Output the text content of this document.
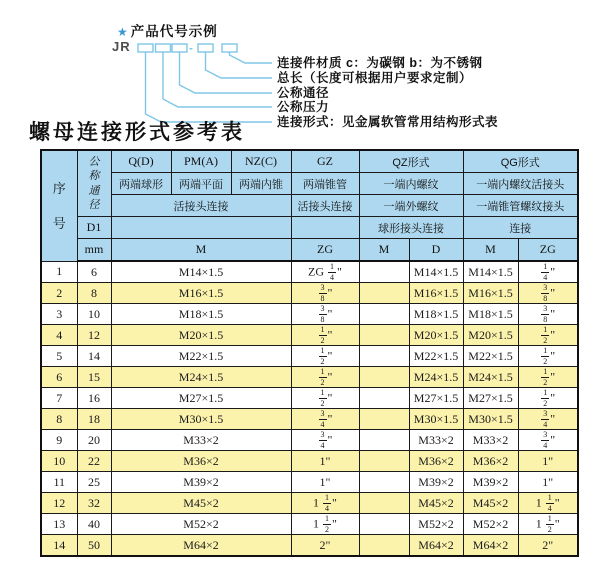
★ 产品代号示例
JR	-
连接件材质 c：为碳钢 b：为不锈钢
总长（长度可根据用户要求定制）
公称通径
公称压力
连接形式：见金属软管常用结构形式表
螺母连接形式参考表
序号	公称通径	Q(D)	PM(A)	NZ(C)	GZ	QZ形式		QG形式	
		两端球形	两端平面	两端内锥	两端锥管	一端内螺纹		一端内螺纹活接头	
		活接头连接			活接头连接	一端外螺纹		一端锥管螺纹接头	
	D1					球形接头连接		连接	
	mm	M			ZG	M	D	M	ZG
1	6	M14×1.5			ZG $\frac{1}{4}$ "		M14×1.5	M14×1.5	$\frac{1}{4}$ "
2	8	M16×1.5			$\frac{3}{8}$ "		M16×1.5	M16×1.5	$\frac{3}{8}$ "
3	10	M18×1.5			$\frac{3}{8}$ "		M18×1.5	M18×1.5	$\frac{3}{8}$ "
4	12	M20×1.5			$\frac{1}{2}$ "		M20×1.5	M20×1.5	$\frac{1}{2}$ "
5	14	M22×1.5			$\frac{1}{2}$ "		M22×1.5	M22×1.5	$\frac{1}{2}$ "
6	15	M24×1.5			$\frac{1}{2}$ "		M24×1.5	M24×1.5	$\frac{1}{2}$ "
7	16	M27×1.5			$\frac{1}{2}$ "		M27×1.5	M27×1.5	$\frac{1}{2}$ "
8	18	M30×1.5			$\frac{3}{4}$ "		M30×1.5	M30×1.5	$\frac{3}{4}$ "
9	20	M33×2			$\frac{3}{4}$ "		M33×2	M33×2	$\frac{3}{4}$ "
10	22	M36×2			1"		M36×2	M36×2	1"
11	25	M39×2			1"		M39×2	M39×2	1"
12	32	M45×2			$1 \frac{1}{4}$ "		M45×2	M45×2	$1 \frac{1}{4}$ "
13	40	M52×2			$1 \frac{1}{2}$ "		M52×2	M52×2	$1 \frac{1}{2}$ "
14	50	M64×2			2"		M64×2	M64×2	2"
